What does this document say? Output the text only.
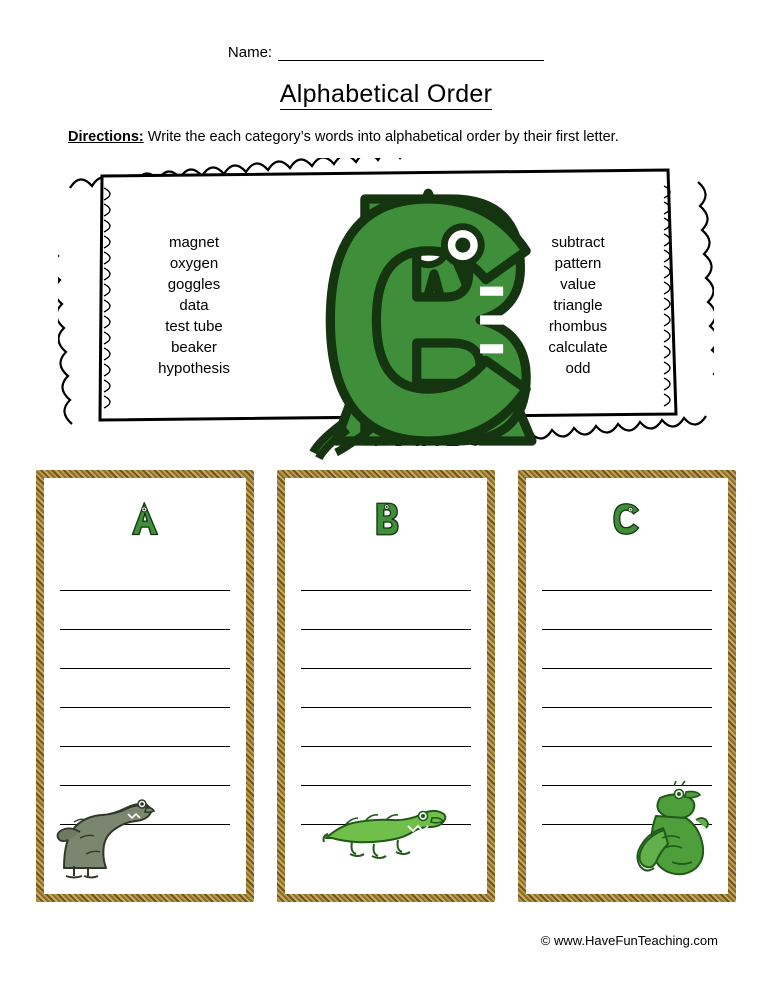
Name:
Alphabetical Order
Directions: Write the each category’s words into alphabetical order by their first letter.
magnet
oxygen
goggles
data
test tube
beaker
hypothesis
subtract
pattern
value
triangle
rhombus
calculate
odd
© www.HaveFunTeaching.com
